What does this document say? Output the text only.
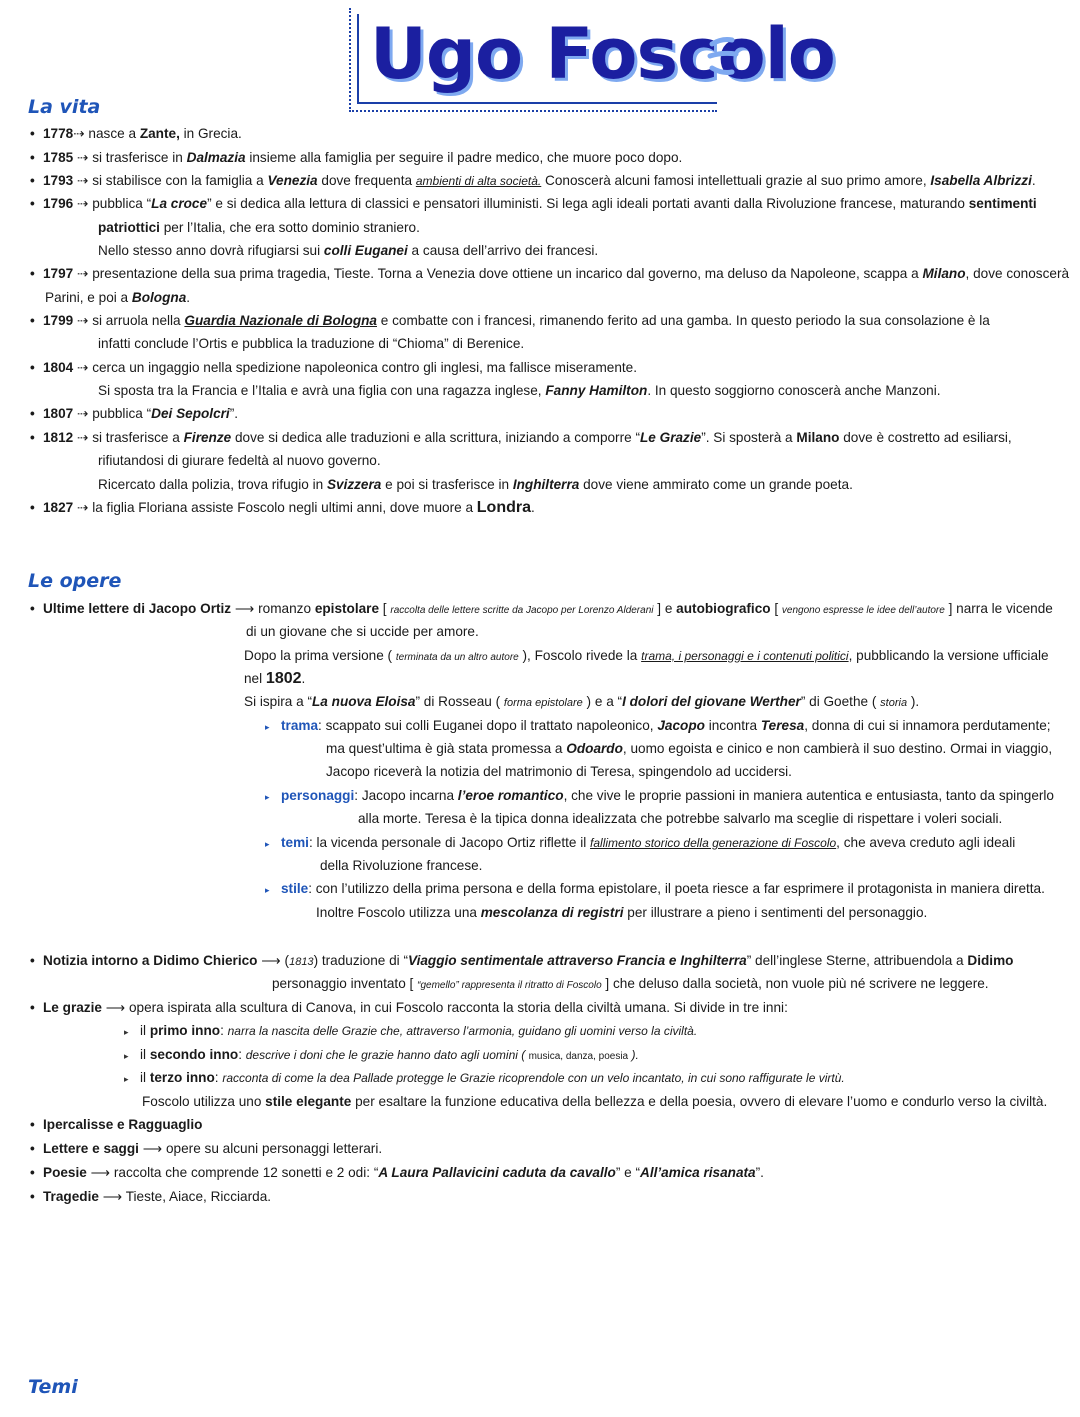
Ugo Foscolo
La vita
• 1778⇢ nasce a Zante, in Grecia.
• 1785 ⇢ si trasferisce in Dalmazia insieme alla famiglia per seguire il padre medico, che muore poco dopo.
• 1793 ⇢ si stabilisce con la famiglia a Venezia dove frequenta ambienti di alta società. Conoscerà alcuni famosi intellettuali grazie al suo primo amore, Isabella Albrizzi.
• 1796 ⇢ pubblica “La croce” e si dedica alla lettura di classici e pensatori illuministi. Si lega agli ideali portati avanti dalla Rivoluzione francese, maturando sentimenti
patriottici per l’Italia, che era sotto dominio straniero.
Nello stesso anno dovrà rifugiarsi sui colli Euganei a causa dell’arrivo dei francesi.
• 1797 ⇢ presentazione della sua prima tragedia, Tieste. Torna a Venezia dove ottiene un incarico dal governo, ma deluso da Napoleone, scappa a Milano, dove conoscerà
Parini, e poi a Bologna.
• 1799 ⇢ si arruola nella Guardia Nazionale di Bologna e combatte con i francesi, rimanendo ferito ad una gamba. In questo periodo la sua consolazione è la
infatti conclude l’Ortis e pubblica la traduzione di “Chioma” di Berenice.
• 1804 ⇢ cerca un ingaggio nella spedizione napoleonica contro gli inglesi, ma fallisce miseramente.
Si sposta tra la Francia e l’Italia e avrà una figlia con una ragazza inglese, Fanny Hamilton. In questo soggiorno conoscerà anche Manzoni.
• 1807 ⇢ pubblica “Dei Sepolcri”.
• 1812 ⇢ si trasferisce a Firenze dove si dedica alle traduzioni e alla scrittura, iniziando a comporre “Le Grazie”. Si sposterà a Milano dove è costretto ad esiliarsi,
rifiutandosi di giurare fedeltà al nuovo governo.
Ricercato dalla polizia, trova rifugio in Svizzera e poi si trasferisce in Inghilterra dove viene ammirato come un grande poeta.
• 1827 ⇢ la figlia Floriana assiste Foscolo negli ultimi anni, dove muore a Londra.
Le opere
• Ultime lettere di Jacopo Ortiz ⟶ romanzo epistolare [ raccolta delle lettere scritte da Jacopo per Lorenzo Alderani ] e autobiografico [ vengono espresse le idee dell’autore ] narra le vicende
di un giovane che si uccide per amore.
Dopo la prima versione ( terminata da un altro autore ), Foscolo rivede la trama, i personaggi e i contenuti politici, pubblicando la versione ufficiale
nel 1802.
Si ispira a “La nuova Eloisa” di Rosseau ( forma epistolare ) e a “I dolori del giovane Werther” di Goethe ( storia ).
▸ trama: scappato sui colli Euganei dopo il trattato napoleonico, Jacopo incontra Teresa, donna di cui si innamora perdutamente;
ma quest’ultima è già stata promessa a Odoardo, uomo egoista e cinico e non cambierà il suo destino. Ormai in viaggio,
Jacopo riceverà la notizia del matrimonio di Teresa, spingendolo ad uccidersi.
▸ personaggi: Jacopo incarna l’eroe romantico, che vive le proprie passioni in maniera autentica e entusiasta, tanto da spingerlo
alla morte. Teresa è la tipica donna idealizzata che potrebbe salvarlo ma sceglie di rispettare i voleri sociali.
▸ temi: la vicenda personale di Jacopo Ortiz riflette il fallimento storico della generazione di Foscolo, che aveva creduto agli ideali
della Rivoluzione francese.
▸ stile: con l’utilizzo della prima persona e della forma epistolare, il poeta riesce a far esprimere il protagonista in maniera diretta.
Inoltre Foscolo utilizza una mescolanza di registri per illustrare a pieno i sentimenti del personaggio.
• Notizia intorno a Didimo Chierico ⟶ (1813) traduzione di “Viaggio sentimentale attraverso Francia e Inghilterra” dell’inglese Sterne, attribuendola a Didimo
personaggio inventato [ “gemello” rappresenta il ritratto di Foscolo ] che deluso dalla società, non vuole più né scrivere ne leggere.
• Le grazie ⟶ opera ispirata alla scultura di Canova, in cui Foscolo racconta la storia della civiltà umana. Si divide in tre inni:
▸ il primo inno: narra la nascita delle Grazie che, attraverso l’armonia, guidano gli uomini verso la civiltà.
▸ il secondo inno: descrive i doni che le grazie hanno dato agli uomini ( musica, danza, poesia ).
▸ il terzo inno: racconta di come la dea Pallade protegge le Grazie ricoprendole con un velo incantato, in cui sono raffigurate le virtù.
Foscolo utilizza uno stile elegante per esaltare la funzione educativa della bellezza e della poesia, ovvero di elevare l’uomo e condurlo verso la civiltà.
• Ipercalisse e Ragguaglio
• Lettere e saggi ⟶ opere su alcuni personaggi letterari.
• Poesie ⟶ raccolta che comprende 12 sonetti e 2 odi: “A Laura Pallavicini caduta da cavallo” e “All’amica risanata”.
• Tragedie ⟶ Tieste, Aiace, Ricciarda.
Temi
